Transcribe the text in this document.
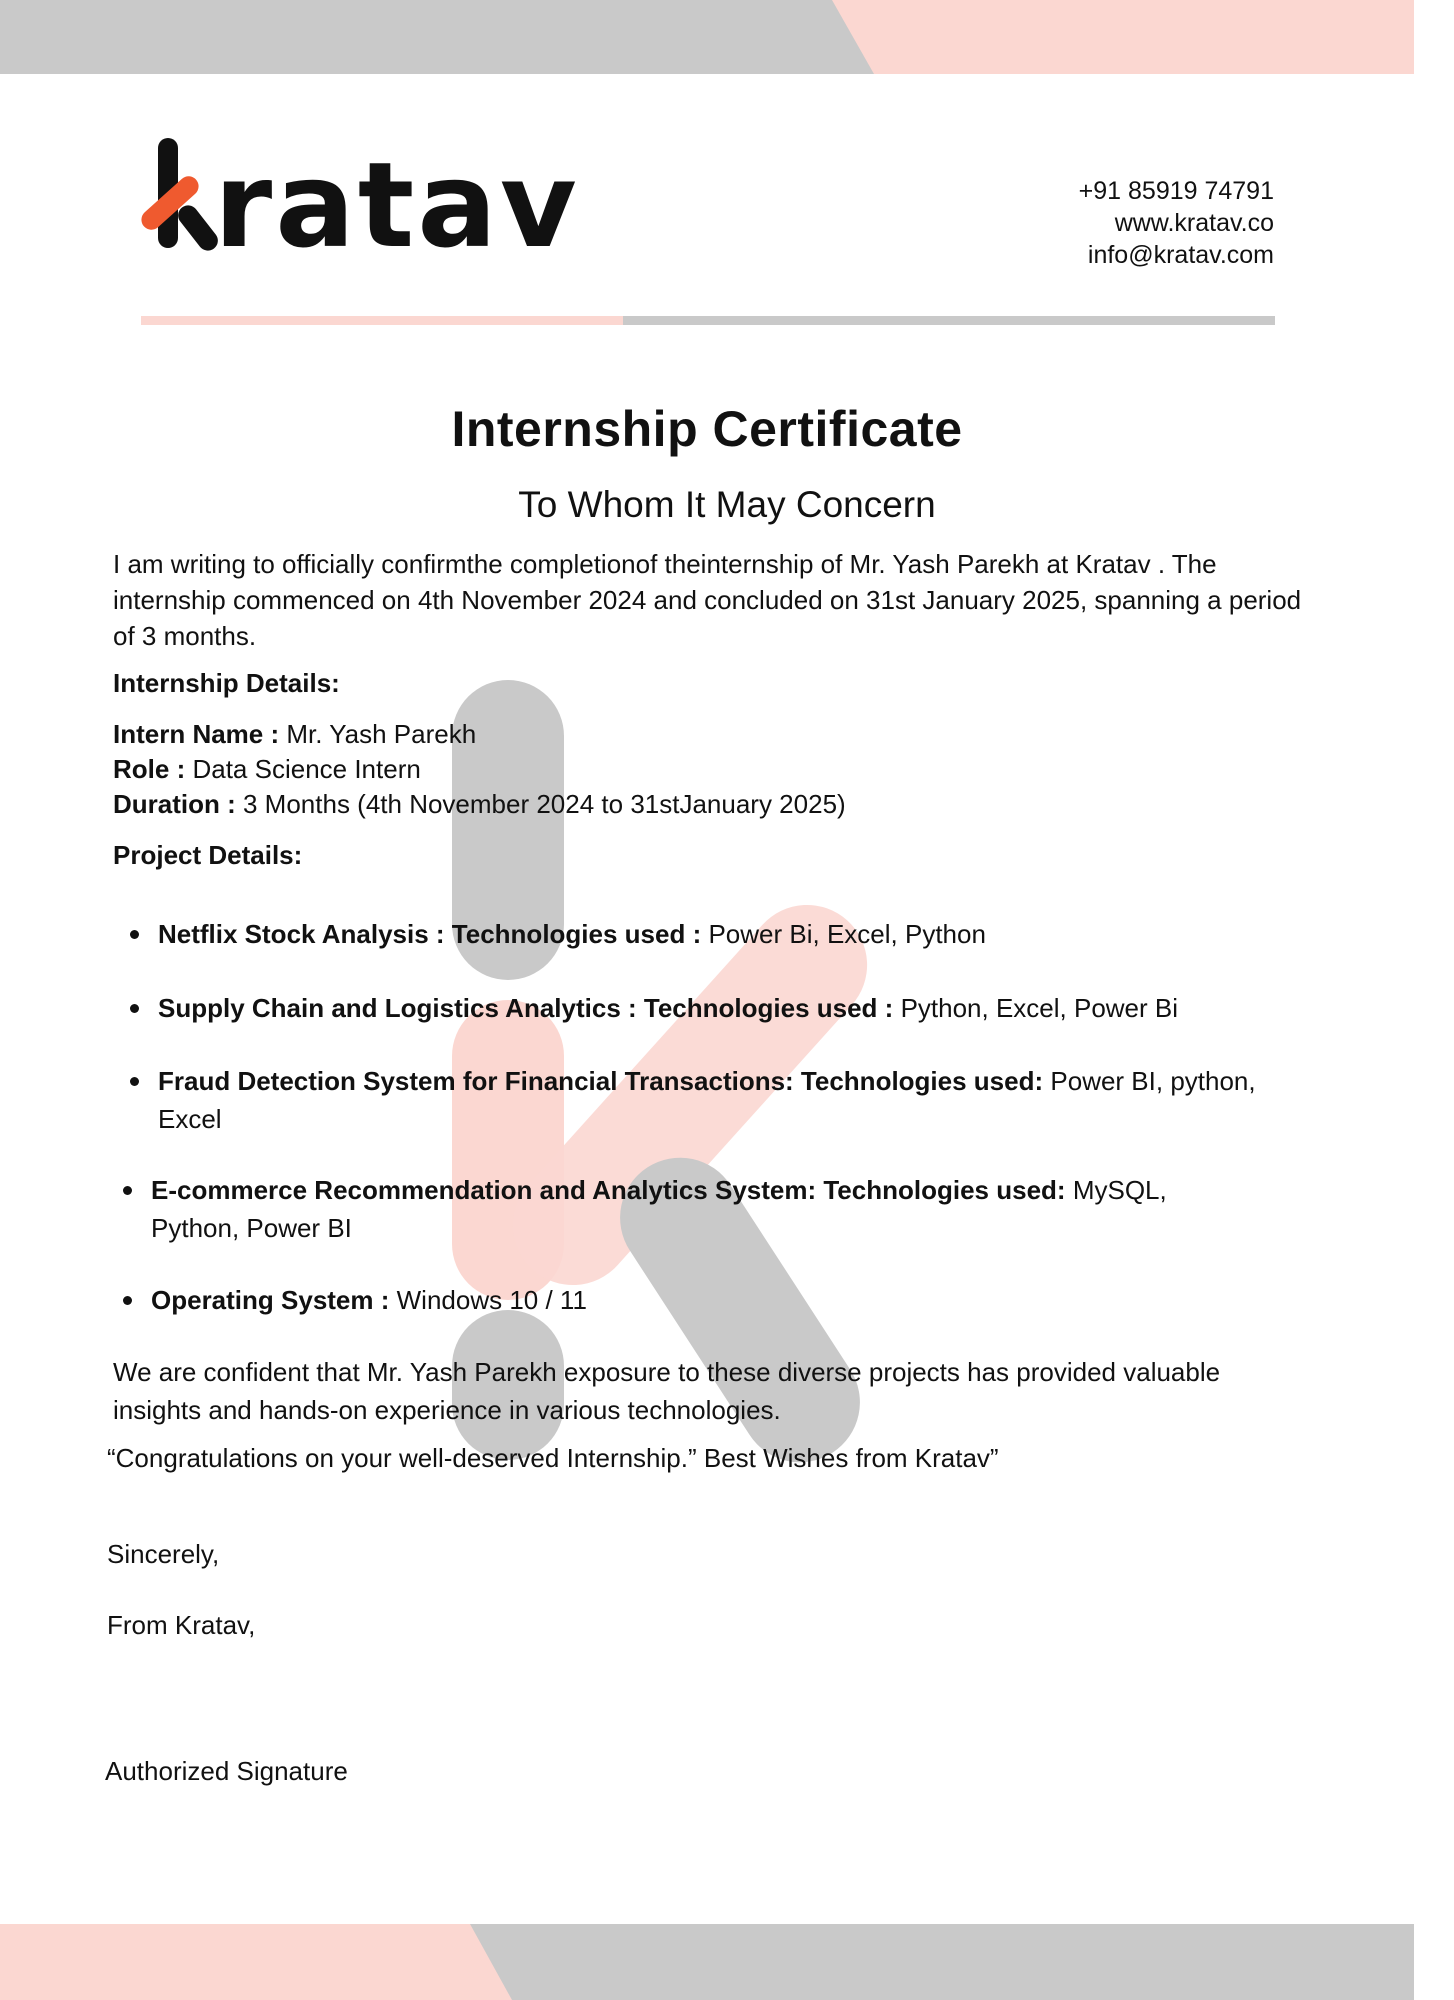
ratav	+91 85919 74791
www.kratav.co
info@kratav.com
Internship Certificate
To Whom It May Concern
I am writing to officially confirmthe completionof theinternship of Mr. Yash Parekh at Kratav . The internship commenced on 4th November 2024 and concluded on 31st January 2025, spanning a period of 3 months.
Internship Details:
Intern Name : Mr. Yash Parekh
Role : Data Science Intern
Duration : 3 Months (4th November 2024 to 31stJanuary 2025)
Project Details:
Netflix Stock Analysis : Technologies used : Power Bi, Excel, Python
Supply Chain and Logistics Analytics : Technologies used : Python, Excel, Power Bi
Fraud Detection System for Financial Transactions: Technologies used: Power BI, python, Excel
E-commerce Recommendation and Analytics System: Technologies used: MySQL, Python, Power BI
Operating System : Windows 10 / 11
We are confident that Mr. Yash Parekh exposure to these diverse projects has provided valuable insights and hands-on experience in various technologies.
“Congratulations on your well-deserved Internship.” Best Wishes from Kratav”
Sincerely,
From Kratav,
Authorized Signature
